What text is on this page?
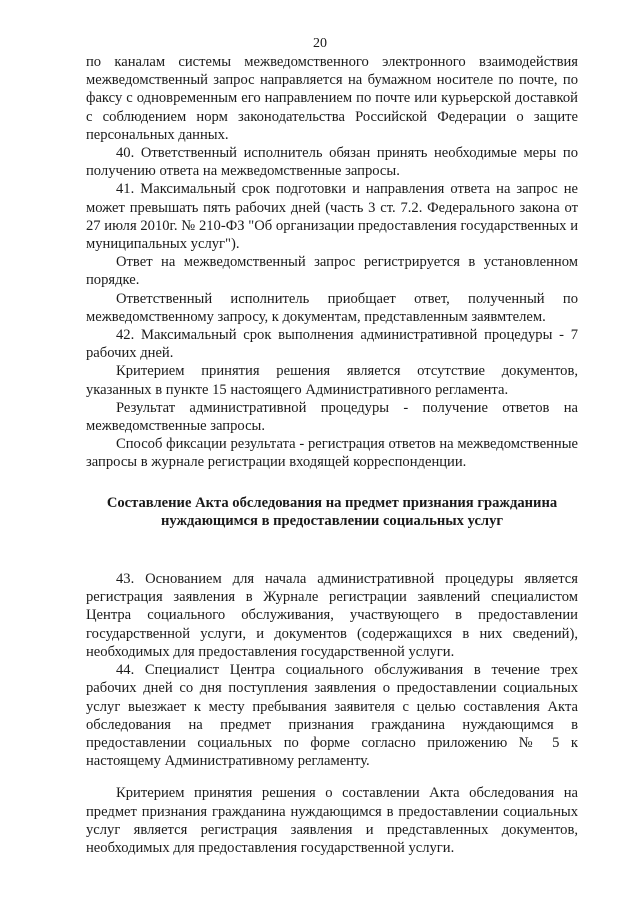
20

по каналам системы межведомственного электронного взаимодействия межведомственный запрос направляется на бумажном носителе по почте, по факсу с одновременным его направлением по почте или курьерской доставкой с соблюдением норм законодательства Российской Федерации о защите персональных данных.

40. Ответственный исполнитель обязан принять необходимые меры по получению ответа на межведомственные запросы.

41. Максимальный срок подготовки и направления ответа на запрос не может превышать пять рабочих дней (часть 3 ст. 7.2. Федерального закона от 27 июля 2010г. № 210-ФЗ "Об организации предоставления государственных и муниципальных услуг").

Ответ на межведомственный запрос регистрируется в установленном порядке.

Ответственный исполнитель приобщает ответ, полученный по межведомственному запросу, к документам, представленным заявмтелем.

42. Максимальный срок выполнения административной процедуры - 7 рабочих дней.

Критерием принятия решения является отсутствие документов, указанных в пункте 15 настоящего Административного регламента.

Результат административной процедуры - получение ответов на межведомственные запросы.

Способ фиксации результата - регистрация ответов на межведомственные запросы в журнале регистрации входящей корреспонденции.

Составление Акта обследования на предмет признания гражданина нуждающимся в предоставлении социальных услуг

43. Основанием для начала административной процедуры является регистрация заявления в Журнале регистрации заявлений специалистом Центра социального обслуживания, участвующего в предоставлении государственной услуги, и документов (содержащихся в них сведений), необходимых для предоставления государственной услуги.

44. Специалист Центра социального обслуживания в течение трех рабочих дней со дня поступления заявления о предоставлении социальных услуг выезжает к месту пребывания заявителя с целью составления Акта обследования на предмет признания гражданина нуждающимся в предоставлении социальных по форме согласно приложению № 5 к настоящему Административному регламенту.

Критерием принятия решения о составлении Акта обследования на предмет признания гражданина нуждающимся в предоставлении социальных услуг является регистрация заявления и представленных документов, необходимых для предоставления государственной услуги.
